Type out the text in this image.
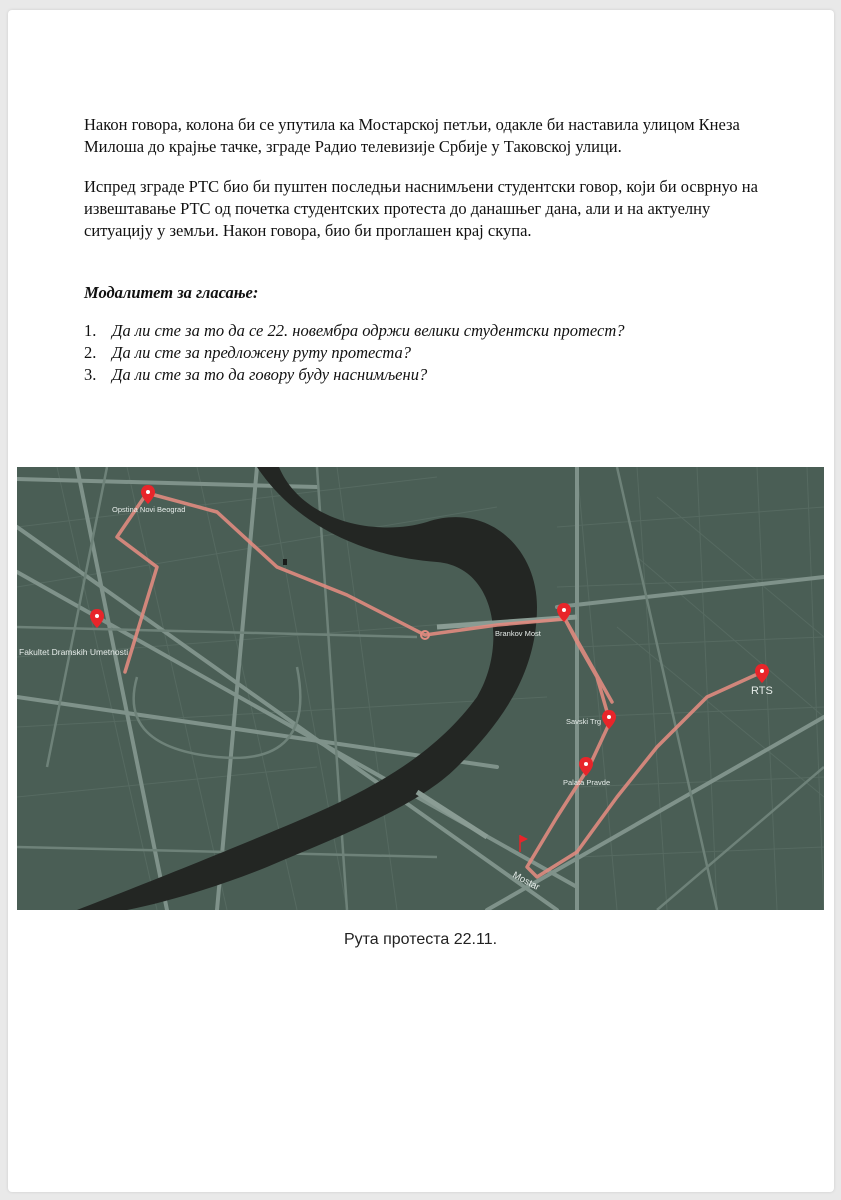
Након говора, колона би се упутила ка Мостарској петљи, одакле би наставила улицом Кнеза Милоша до крајње тачке, зграде Радио телевизије Србије у Таковској улици.
Испред зграде РТС био би пуштен последњи наснимљени студентски говор, који би осврнуо на извештавање РТС од почетка студентских протеста до данашњег дана, али и на актуелну ситуацију у земљи. Након говора, био би проглашен крај скупа.
Модалитет за гласање:
1. Да ли сте за то да се 22. новембра одржи велики студентски протест?
2. Да ли сте за предложену руту протеста?
3. Да ли сте за то да говору буду наснимљени?
Opstina Novi Beograd
Fakultet Dramskih Umetnosti
Brankov Most
Savski Trg
Palata Pravde
RTS
Mostar
Рута протеста 22.11.
